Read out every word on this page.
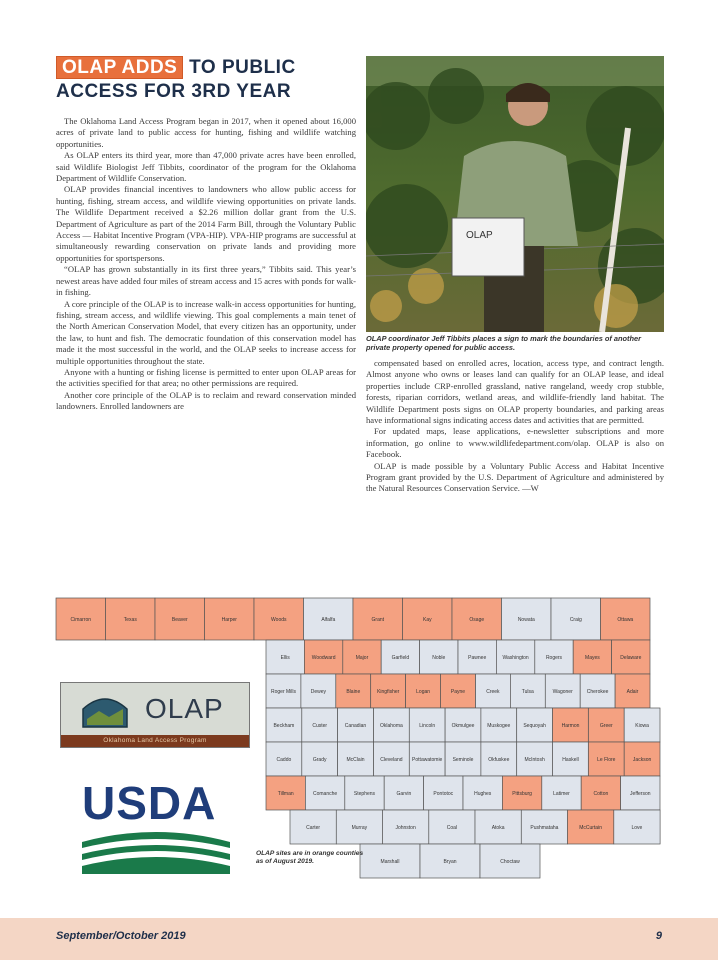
OLAP ADDS TO PUBLIC ACCESS FOR 3RD YEAR

The Oklahoma Land Access Program began in 2017, when it opened about 16,000 acres of private land to public access for hunting, fishing and wildlife watching opportunities.

As OLAP enters its third year, more than 47,000 private acres have been enrolled, said Wildlife Biologist Jeff Tibbits, coordinator of the program for the Oklahoma Department of Wildlife Conservation.

OLAP provides financial incentives to landowners who allow public access for hunting, fishing, stream access, and wildlife viewing opportunities on private lands. The Wildlife Department received a $2.26 million dollar grant from the U.S. Department of Agriculture as part of the 2014 Farm Bill, through the Voluntary Public Access — Habitat Incentive Program (VPA-HIP). VPA-HIP programs are successful at simultaneously rewarding conservation on private lands and providing more opportunities for sportspersons.

“OLAP has grown substantially in its first three years,” Tibbits said. This year’s newest areas have added four miles of stream access and 15 acres with ponds for walk-in fishing.

A core principle of the OLAP is to increase walk-in access opportunities for hunting, fishing, stream access, and wildlife viewing. This goal complements a main tenet of the North American Conservation Model, that every citizen has an opportunity, under the law, to hunt and fish. The democratic foundation of this conservation model has made it the most successful in the world, and the OLAP seeks to increase access for multiple opportunities throughout the state.

Anyone with a hunting or fishing license is permitted to enter upon OLAP areas for the activities specified for that area; no other permissions are required.

Another core principle of the OLAP is to reclaim and reward conservation minded landowners. Enrolled landowners are

OLAP
OLAP coordinator Jeff Tibbits places a sign to mark the boundaries of another private property opened for public access.

compensated based on enrolled acres, location, access type, and contract length. Almost anyone who owns or leases land can qualify for an OLAP lease, and ideal properties include CRP-enrolled grassland, native rangeland, weedy crop stubble, forests, riparian corridors, wetland areas, and wildlife-friendly land habitat. The Wildlife Department posts signs on OLAP property boundaries, and parking areas have informational signs indicating access dates and activities that are permitted.

For updated maps, lease applications, e-newsletter subscriptions and more information, go online to www.wildlifedepartment.com/olap. OLAP is also on Facebook.

OLAP is made possible by a Voluntary Public Access and Habitat Incentive Program grant provided by the U.S. Department of Agriculture and administered by the Natural Resources Conservation Service. —W

Cimarron	Texas	Beaver	Harper	Woods	Alfalfa	Grant	Kay	Osage	Nowata	Craig	Ottawa
Ellis	Woodward	Major	Garfield	Noble	Pawnee	Washington	Rogers	Mayes	Delaware
Roger Mills	Dewey	Blaine	Kingfisher	Logan	Payne	Creek	Tulsa	Wagoner	Cherokee	Adair
Beckham	Custer	Canadian	Oklahoma	Lincoln	Okmulgee	Muskogee	Sequoyah	Harmon	Greer	Kiowa
Caddo	Grady	McClain	Cleveland Pottawatomie Seminole	Okfuskee	McIntosh	Haskell	Le Flore	Jackson
Tillman	Comanche	Stephens	Garvin	Pontotoc	Hughes	Pittsburg	Latimer	Cotton	Jefferson
Carter	Murray	Johnston	Coal	Atoka	Pushmataha	McCurtain	Love
Marshall	Bryan	Choctaw
OLAP
Oklahoma Land Access Program
USDA
OLAP sites are in orange counties as of August 2019.
September/October 2019	9
